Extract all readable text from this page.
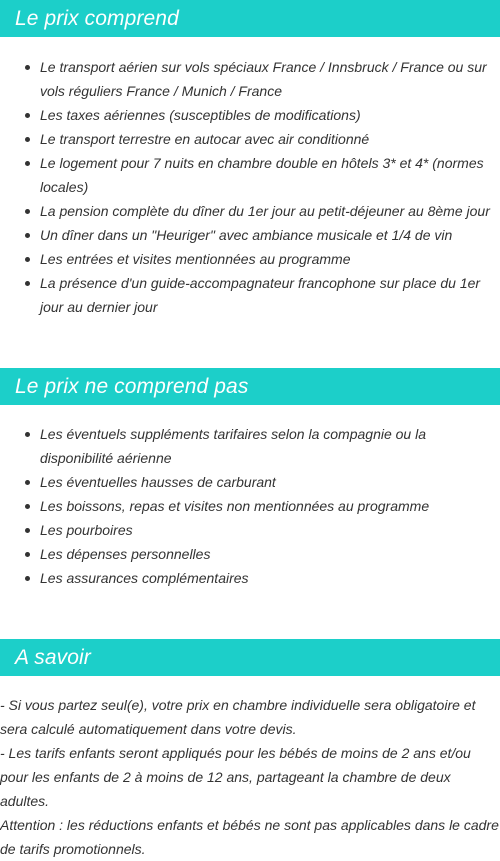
Le prix comprend
Le transport aérien sur vols spéciaux France / Innsbruck / France ou sur vols réguliers France / Munich / France
Les taxes aériennes (susceptibles de modifications)
Le transport terrestre en autocar avec air conditionné
Le logement pour 7 nuits en chambre double en hôtels 3* et 4* (normes locales)
La pension complète du dîner du 1er jour au petit-déjeuner au 8ème jour
Un dîner dans un "Heuriger" avec ambiance musicale et 1/4 de vin
Les entrées et visites mentionnées au programme
La présence d'un guide-accompagnateur francophone sur place du 1er jour au dernier jour
Le prix ne comprend pas
Les éventuels suppléments tarifaires selon la compagnie ou la disponibilité aérienne
Les éventuelles hausses de carburant
Les boissons, repas et visites non mentionnées au programme
Les pourboires
Les dépenses personnelles
Les assurances complémentaires
A savoir

- Si vous partez seul(e), votre prix en chambre individuelle sera obligatoire et sera calculé automatiquement dans votre devis.

- Les tarifs enfants seront appliqués pour les bébés de moins de 2 ans et/ou pour les enfants de 2 à moins de 12 ans, partageant la chambre de deux adultes.

Attention : les réductions enfants et bébés ne sont pas applicables dans le cadre de tarifs promotionnels.
